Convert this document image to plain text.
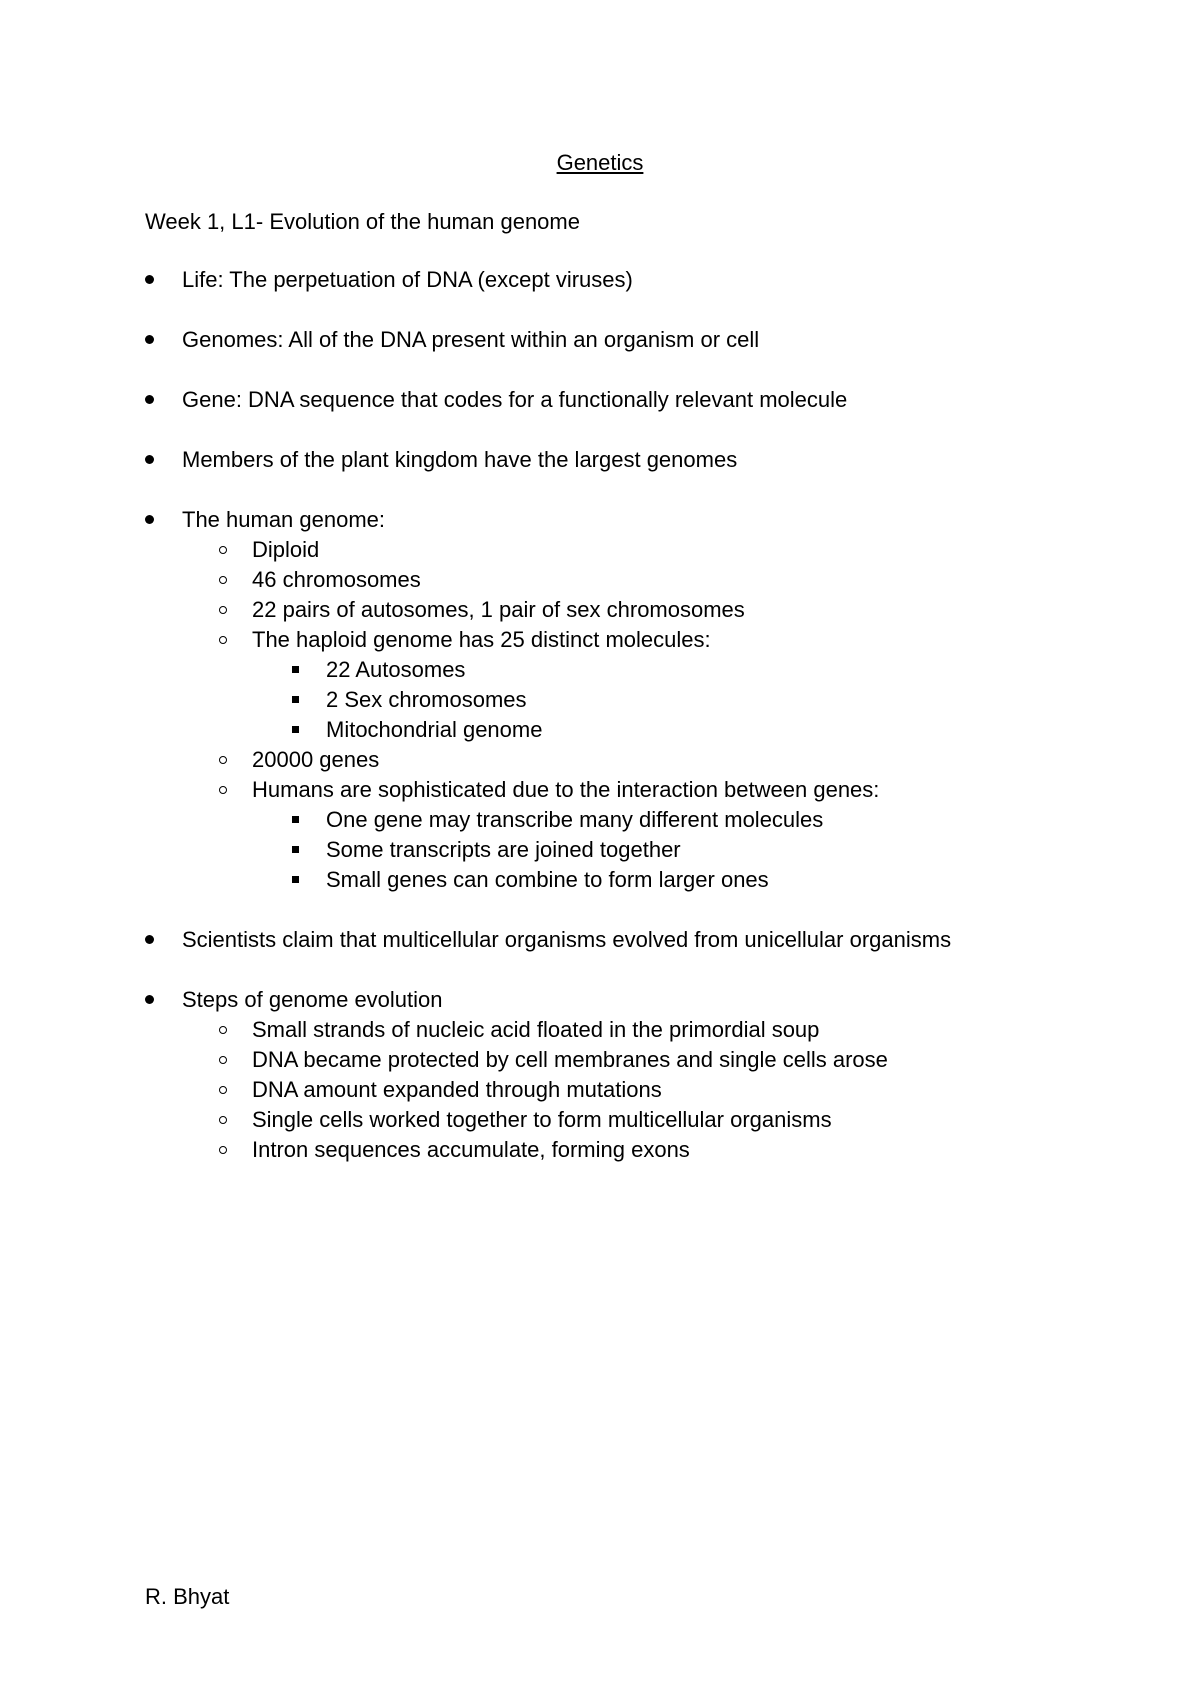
Genetics
Week 1, L1- Evolution of the human genome
Life: The perpetuation of DNA (except viruses)
Genomes: All of the DNA present within an organism or cell
Gene: DNA sequence that codes for a functionally relevant molecule
Members of the plant kingdom have the largest genomes
The human genome:
Diploid
46 chromosomes
22 pairs of autosomes, 1 pair of sex chromosomes
The haploid genome has 25 distinct molecules:
22 Autosomes
2 Sex chromosomes
Mitochondrial genome
20000 genes
Humans are sophisticated due to the interaction between genes:
One gene may transcribe many different molecules
Some transcripts are joined together
Small genes can combine to form larger ones
Scientists claim that multicellular organisms evolved from unicellular organisms
Steps of genome evolution
Small strands of nucleic acid floated in the primordial soup
DNA became protected by cell membranes and single cells arose
DNA amount expanded through mutations
Single cells worked together to form multicellular organisms
Intron sequences accumulate, forming exons
R. Bhyat
